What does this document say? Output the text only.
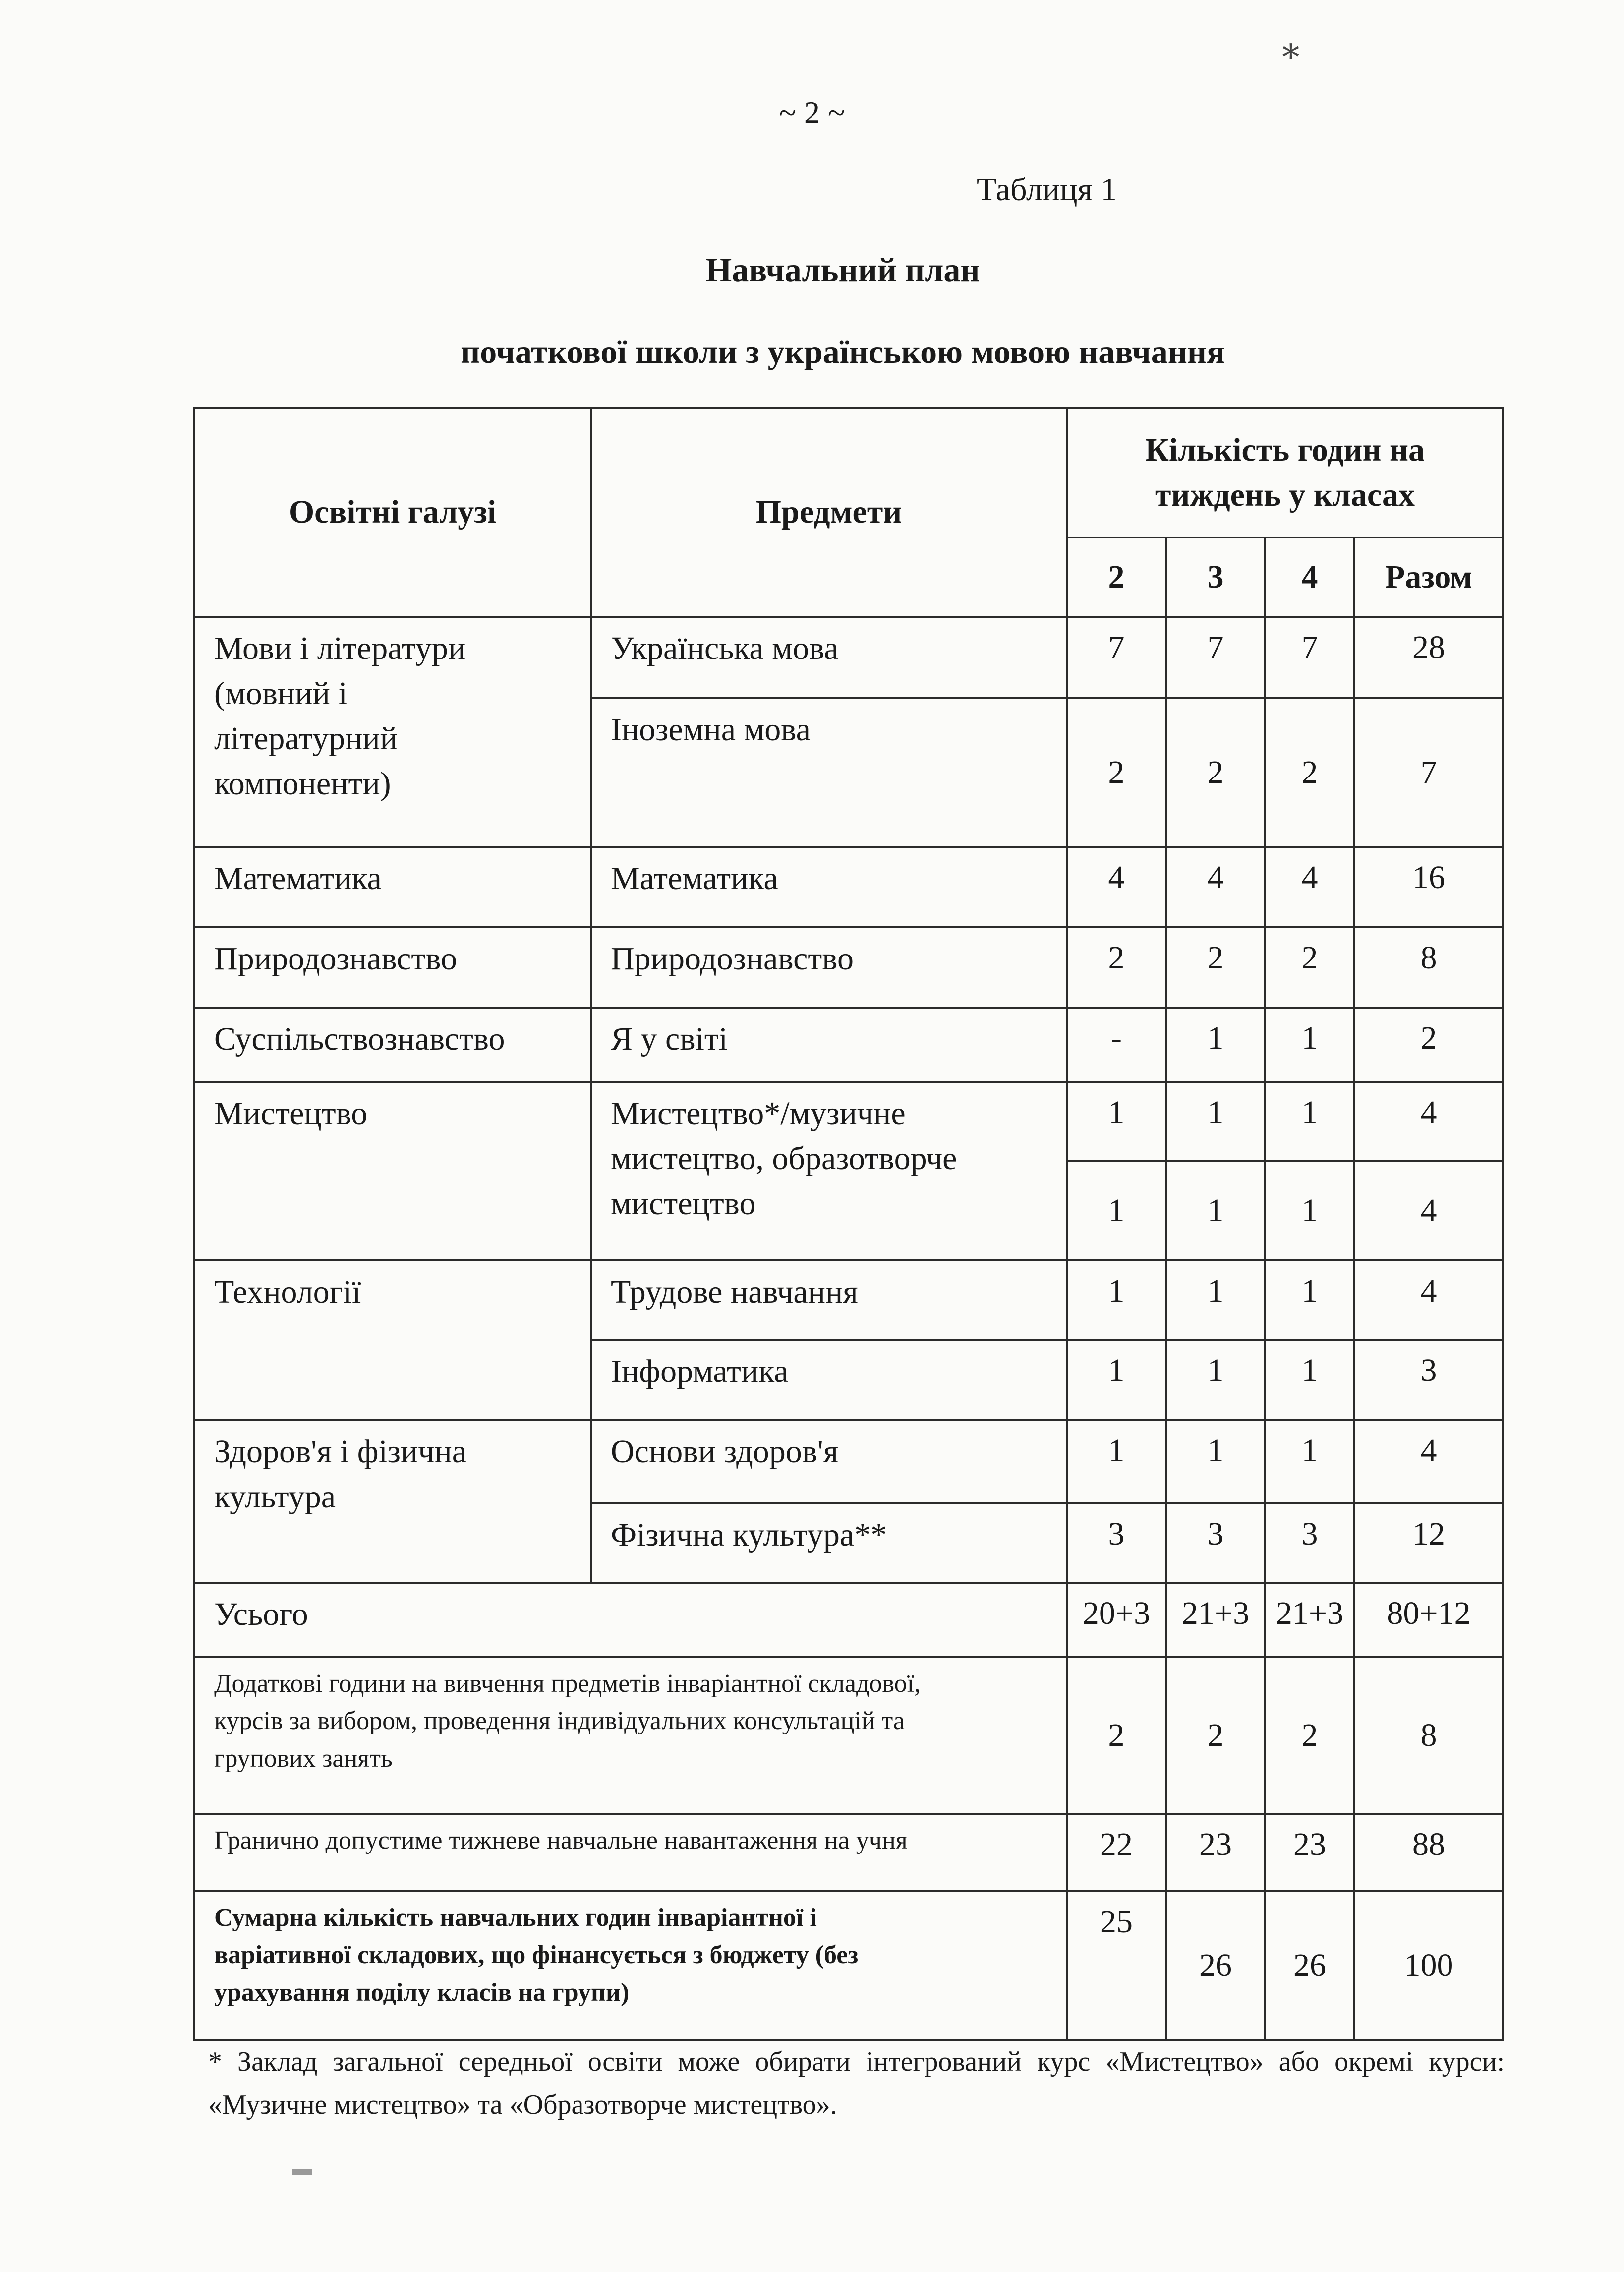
~ 2 ~
Таблиця 1
Навчальний план
початкової школи з українською мовою навчання
Освітні галузі	Предмети	Кількість годин на
тиждень у класах			

		2	3	4	Разом

Мови і літератури
(мовний і
літературний
компоненти)	Українська мова	7	7	7	28
	Іноземна мова	2	2	2	7
Математика	Математика	4	4	4	16
Природознавство	Природознавство	2	2	2	8
Суспільствознавство	Я у світі	-	1	1	2
Мистецтво	Мистецтво*/музичне
мистецтво, образотворче
мистецтво	1	1	1	4
		1	1	1	4
Технології	Трудове навчання	1	1	1	4
	Інформатика	1	1	1	3

Здоров'я і фізична
культура	Основи здоров'я	1	1	1	4
	Фізична культура**	3	3	3	12
Усього		20+3	21+3	21+3	80+12

Додаткові години на вивчення предметів інваріантної складової,
курсів за вибором, проведення індивідуальних консультацій та
групових занять		2	2	2	8
Гранично допустиме тижневе навчальне навантаження на учня		22	23	23	88

Сумарна кількість навчальних годин інваріантної і
варіативної складових, що фінансується з бюджету (без
урахування поділу класів на групи)		25	26	26	100
* Заклад загальної середньої освіти може обирати інтегрований курс «Мистецтво» або окремі курси: «Музичне мистецтво» та «Образотворче мистецтво».
∗
▬
